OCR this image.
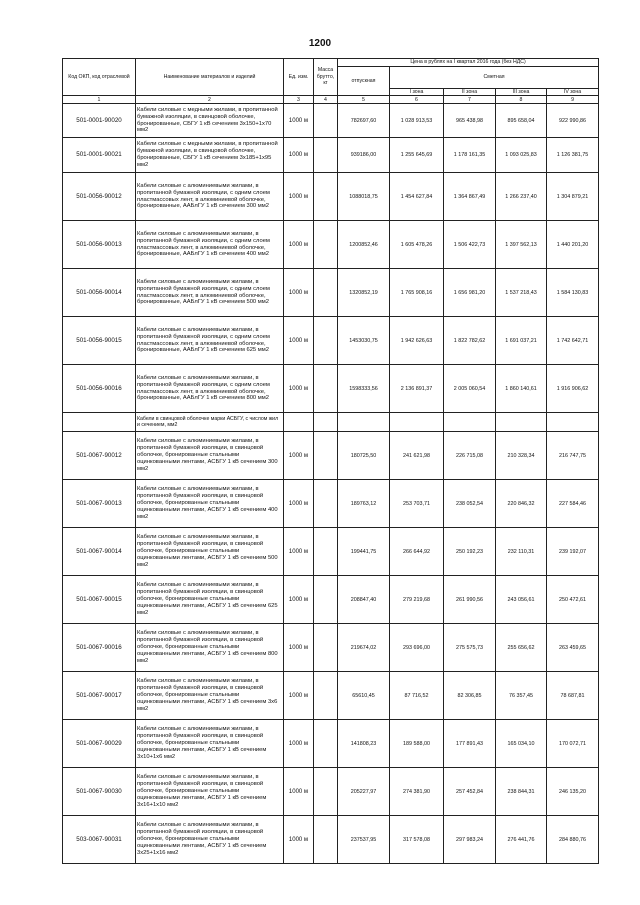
1200
Код ОКП, код отраслевой	Наименование материалов и изделий	Ед. изм.	Масса брутто, кг	Цена в рублях на I квартал 2016 года (без НДС)				
				отпускная	Сметная			
					I зона	II зона	III зона	IV зона
1	2	3	4	5	6	7	8	9
501-0001-90020	Кабели силовые с медными жилами, в пропитанной бумажной изоляции, в свинцовой оболочке, бронированные, СБГУ 1 кВ сечением 3х150+1х70 мм2	1000 м		782697,60	1 028 913,53	965 438,98	895 658,04	922 990,86
501-0001-90021	Кабели силовые с медными жилами, в пропитанной бумажной изоляции, в свинцовой оболочке, бронированные, СБГУ 1 кВ сечением 3х185+1х95 мм2	1000 м		939186,00	1 255 645,69	1 178 161,35	1 093 025,83	1 126 381,75
501-0056-90012	Кабели силовые с алюминиевыми жилами, в пропитанной бумажной изоляции, с одним слоем пластмассовых лент, в алюминиевой оболочке, бронированные, ААБлГУ 1 кВ сечением 300 мм2	1000 м		1088018,75	1 454 627,84	1 364 867,49	1 266 237,40	1 304 879,21
501-0056-90013	Кабели силовые с алюминиевыми жилами, в пропитанной бумажной изоляции, с одним слоем пластмассовых лент, в алюминиевой оболочке, бронированные, ААБлГУ 1 кВ сечением 400 мм2	1000 м		1200852,46	1 605 478,26	1 506 422,73	1 397 562,13	1 440 201,20
501-0056-90014	Кабели силовые с алюминиевыми жилами, в пропитанной бумажной изоляции, с одним слоем пластмассовых лент, в алюминиевой оболочке, бронированные, ААБлГУ 1 кВ сечением 500 мм2	1000 м		1320852,19	1 765 908,16	1 656 981,20	1 537 218,43	1 584 130,83
501-0056-90015	Кабели силовые с алюминиевыми жилами, в пропитанной бумажной изоляции, с одним слоем пластмассовых лент, в алюминиевой оболочке, бронированные, ААБлГУ 1 кВ сечением 625 мм2	1000 м		1453030,75	1 942 626,63	1 822 782,62	1 691 037,21	1 742 642,71
501-0056-90016	Кабели силовые с алюминиевыми жилами, в пропитанной бумажной изоляции, с одним слоем пластмассовых лент, в алюминиевой оболочке, бронированные, ААБлГУ 1 кВ сечением 800 мм2	1000 м		1598333,56	2 136 891,37	2 005 060,54	1 860 140,61	1 916 906,62
	Кабели в свинцовой оболочке марки АСБГУ, с числом жил и сечением, мм2							
501-0067-90012	Кабели силовые с алюминиевыми жилами, в пропитанной бумажной изоляции, в свинцовой оболочке, бронированные стальными оцинкованными лентами, АСБГУ 1 кВ сечением 300 мм2	1000 м		180725,50	241 621,98	226 715,08	210 328,34	216 747,75
501-0067-90013	Кабели силовые с алюминиевыми жилами, в пропитанной бумажной изоляции, в свинцовой оболочке, бронированные стальными оцинкованными лентами, АСБГУ 1 кВ сечением 400 мм2	1000 м		189763,12	253 703,71	238 052,54	220 846,32	227 584,46
501-0067-90014	Кабели силовые с алюминиевыми жилами, в пропитанной бумажной изоляции, в свинцовой оболочке, бронированные стальными оцинкованными лентами, АСБГУ 1 кВ сечением 500 мм2	1000 м		199441,75	266 644,92	250 192,23	232 110,31	239 192,07
501-0067-90015	Кабели силовые с алюминиевыми жилами, в пропитанной бумажной изоляции, в свинцовой оболочке, бронированные стальными оцинкованными лентами, АСБГУ 1 кВ сечением 625 мм2	1000 м		208847,40	279 219,68	261 990,56	243 056,61	250 472,61
501-0067-90016	Кабели силовые с алюминиевыми жилами, в пропитанной бумажной изоляции, в свинцовой оболочке, бронированные стальными оцинкованными лентами, АСБГУ 1 кВ сечением 800 мм2	1000 м		219674,02	293 696,00	275 575,73	255 656,62	263 459,65
501-0067-90017	Кабели силовые с алюминиевыми жилами, в пропитанной бумажной изоляции, в свинцовой оболочке, бронированные стальными оцинкованными лентами, АСБГУ 1 кВ сечением 3х6 мм2	1000 м		65610,45	87 716,52	82 306,85	76 357,45	78 687,81
501-0067-90029	Кабели силовые с алюминиевыми жилами, в пропитанной бумажной изоляции, в свинцовой оболочке, бронированные стальными оцинкованными лентами, АСБГУ 1 кВ сечением 3х10+1х6 мм2	1000 м		141808,23	189 588,00	177 891,43	165 034,10	170 072,71
501-0067-90030	Кабели силовые с алюминиевыми жилами, в пропитанной бумажной изоляции, в свинцовой оболочке, бронированные стальными оцинкованными лентами, АСБГУ 1 кВ сечением 3х16+1х10 мм2	1000 м		205227,97	274 381,90	257 452,84	238 844,31	246 135,20
503-0067-90031	Кабели силовые с алюминиевыми жилами, в пропитанной бумажной изоляции, в свинцовой оболочке, бронированные стальными оцинкованными лентами, АСБГУ 1 кВ сечением 3х25+1х16 мм2	1000 м		237537,95	317 578,08	297 983,24	276 441,76	284 880,76
